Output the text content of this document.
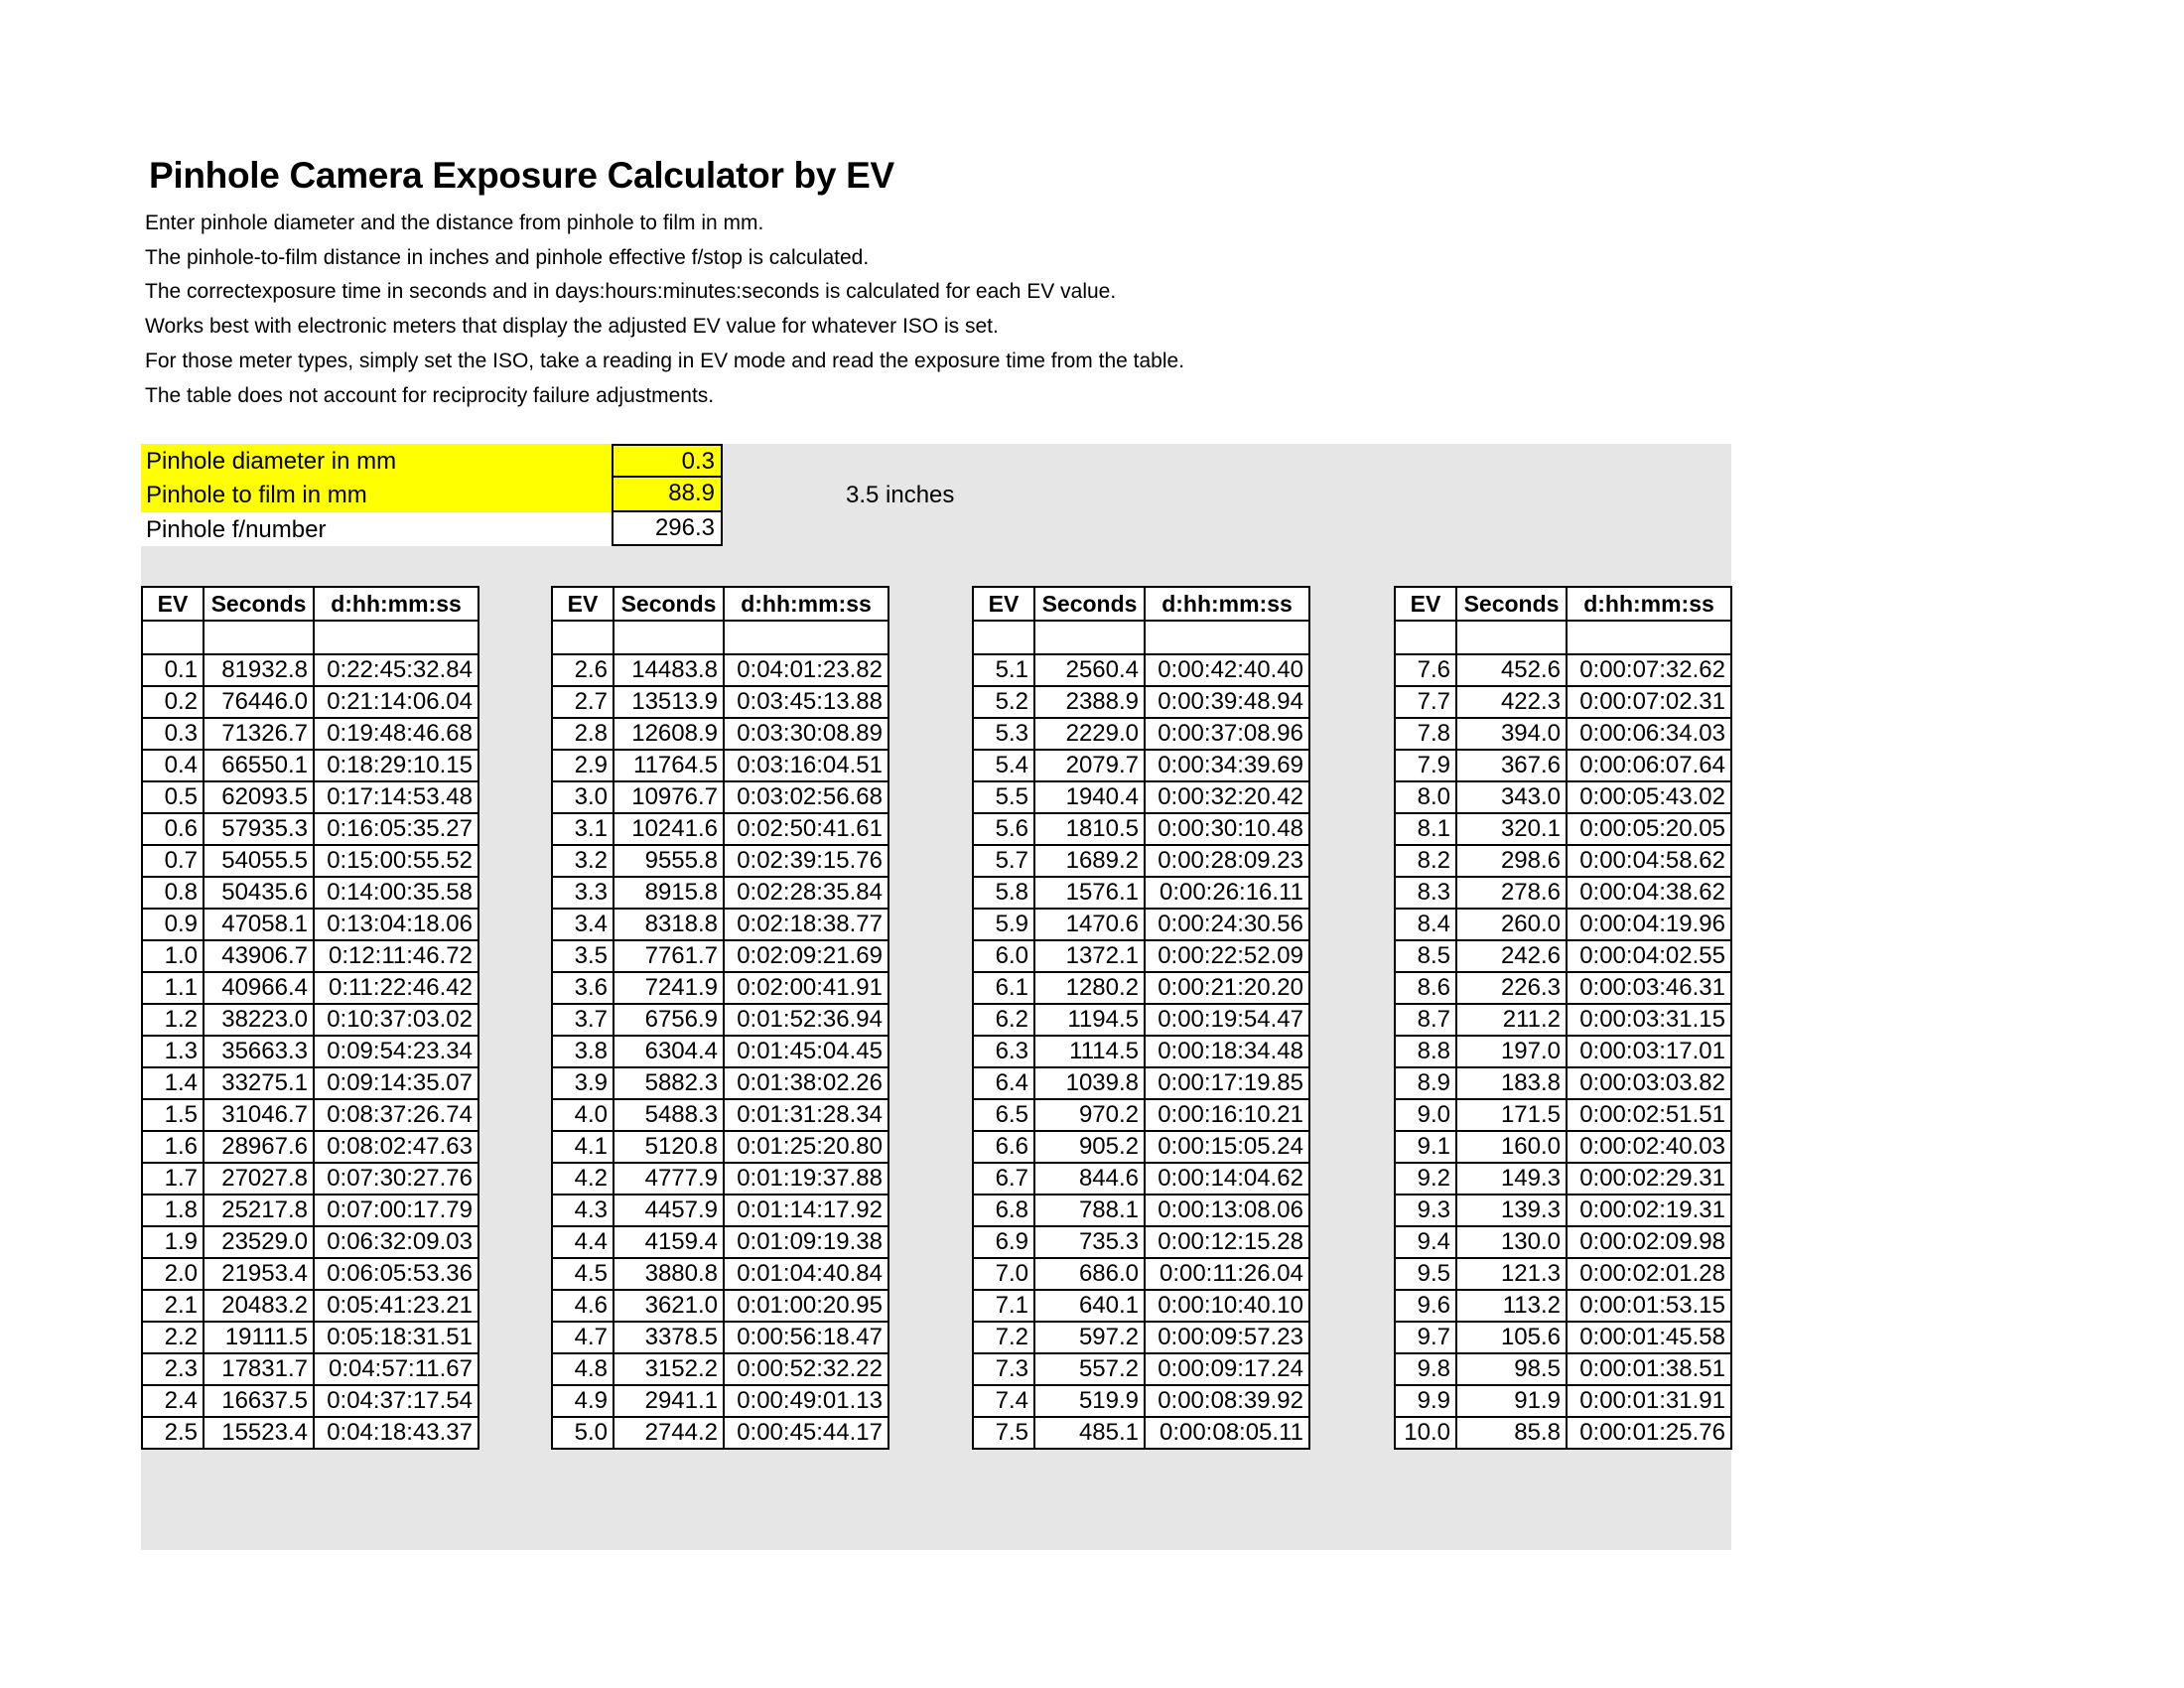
Pinhole Camera Exposure Calculator by EV
Enter pinhole diameter and the distance from pinhole to film in mm.
The pinhole-to-film distance in inches and pinhole effective f/stop is calculated.
The correctexposure time in seconds and in days:hours:minutes:seconds is calculated for each EV value.
Works best with electronic meters that display the adjusted EV value for whatever ISO is set.
For those meter types, simply set the ISO, take a reading in EV mode and read the exposure time from the table.
The table does not account for reciprocity failure adjustments.
Pinhole diameter in mm	0.3
Pinhole to film in mm	88.9
Pinhole f/number	296.3
3.5 inches
EV	Seconds	d:hh:mm:ss

0.1	81932.8	0:22:45:32.84
0.2	76446.0	0:21:14:06.04
0.3	71326.7	0:19:48:46.68
0.4	66550.1	0:18:29:10.15
0.5	62093.5	0:17:14:53.48
0.6	57935.3	0:16:05:35.27
0.7	54055.5	0:15:00:55.52
0.8	50435.6	0:14:00:35.58
0.9	47058.1	0:13:04:18.06
1.0	43906.7	0:12:11:46.72
1.1	40966.4	0:11:22:46.42
1.2	38223.0	0:10:37:03.02
1.3	35663.3	0:09:54:23.34
1.4	33275.1	0:09:14:35.07
1.5	31046.7	0:08:37:26.74
1.6	28967.6	0:08:02:47.63
1.7	27027.8	0:07:30:27.76
1.8	25217.8	0:07:00:17.79
1.9	23529.0	0:06:32:09.03
2.0	21953.4	0:06:05:53.36
2.1	20483.2	0:05:41:23.21
2.2	19111.5	0:05:18:31.51
2.3	17831.7	0:04:57:11.67
2.4	16637.5	0:04:37:17.54
2.5	15523.4	0:04:18:43.37
EV	Seconds	d:hh:mm:ss

2.6	14483.8	0:04:01:23.82
2.7	13513.9	0:03:45:13.88
2.8	12608.9	0:03:30:08.89
2.9	11764.5	0:03:16:04.51
3.0	10976.7	0:03:02:56.68
3.1	10241.6	0:02:50:41.61
3.2	9555.8	0:02:39:15.76
3.3	8915.8	0:02:28:35.84
3.4	8318.8	0:02:18:38.77
3.5	7761.7	0:02:09:21.69
3.6	7241.9	0:02:00:41.91
3.7	6756.9	0:01:52:36.94
3.8	6304.4	0:01:45:04.45
3.9	5882.3	0:01:38:02.26
4.0	5488.3	0:01:31:28.34
4.1	5120.8	0:01:25:20.80
4.2	4777.9	0:01:19:37.88
4.3	4457.9	0:01:14:17.92
4.4	4159.4	0:01:09:19.38
4.5	3880.8	0:01:04:40.84
4.6	3621.0	0:01:00:20.95
4.7	3378.5	0:00:56:18.47
4.8	3152.2	0:00:52:32.22
4.9	2941.1	0:00:49:01.13
5.0	2744.2	0:00:45:44.17
EV	Seconds	d:hh:mm:ss

5.1	2560.4	0:00:42:40.40
5.2	2388.9	0:00:39:48.94
5.3	2229.0	0:00:37:08.96
5.4	2079.7	0:00:34:39.69
5.5	1940.4	0:00:32:20.42
5.6	1810.5	0:00:30:10.48
5.7	1689.2	0:00:28:09.23
5.8	1576.1	0:00:26:16.11
5.9	1470.6	0:00:24:30.56
6.0	1372.1	0:00:22:52.09
6.1	1280.2	0:00:21:20.20
6.2	1194.5	0:00:19:54.47
6.3	1114.5	0:00:18:34.48
6.4	1039.8	0:00:17:19.85
6.5	970.2	0:00:16:10.21
6.6	905.2	0:00:15:05.24
6.7	844.6	0:00:14:04.62
6.8	788.1	0:00:13:08.06
6.9	735.3	0:00:12:15.28
7.0	686.0	0:00:11:26.04
7.1	640.1	0:00:10:40.10
7.2	597.2	0:00:09:57.23
7.3	557.2	0:00:09:17.24
7.4	519.9	0:00:08:39.92
7.5	485.1	0:00:08:05.11
EV	Seconds	d:hh:mm:ss

7.6	452.6	0:00:07:32.62
7.7	422.3	0:00:07:02.31
7.8	394.0	0:00:06:34.03
7.9	367.6	0:00:06:07.64
8.0	343.0	0:00:05:43.02
8.1	320.1	0:00:05:20.05
8.2	298.6	0:00:04:58.62
8.3	278.6	0:00:04:38.62
8.4	260.0	0:00:04:19.96
8.5	242.6	0:00:04:02.55
8.6	226.3	0:00:03:46.31
8.7	211.2	0:00:03:31.15
8.8	197.0	0:00:03:17.01
8.9	183.8	0:00:03:03.82
9.0	171.5	0:00:02:51.51
9.1	160.0	0:00:02:40.03
9.2	149.3	0:00:02:29.31
9.3	139.3	0:00:02:19.31
9.4	130.0	0:00:02:09.98
9.5	121.3	0:00:02:01.28
9.6	113.2	0:00:01:53.15
9.7	105.6	0:00:01:45.58
9.8	98.5	0:00:01:38.51
9.9	91.9	0:00:01:31.91
10.0	85.8	0:00:01:25.76
